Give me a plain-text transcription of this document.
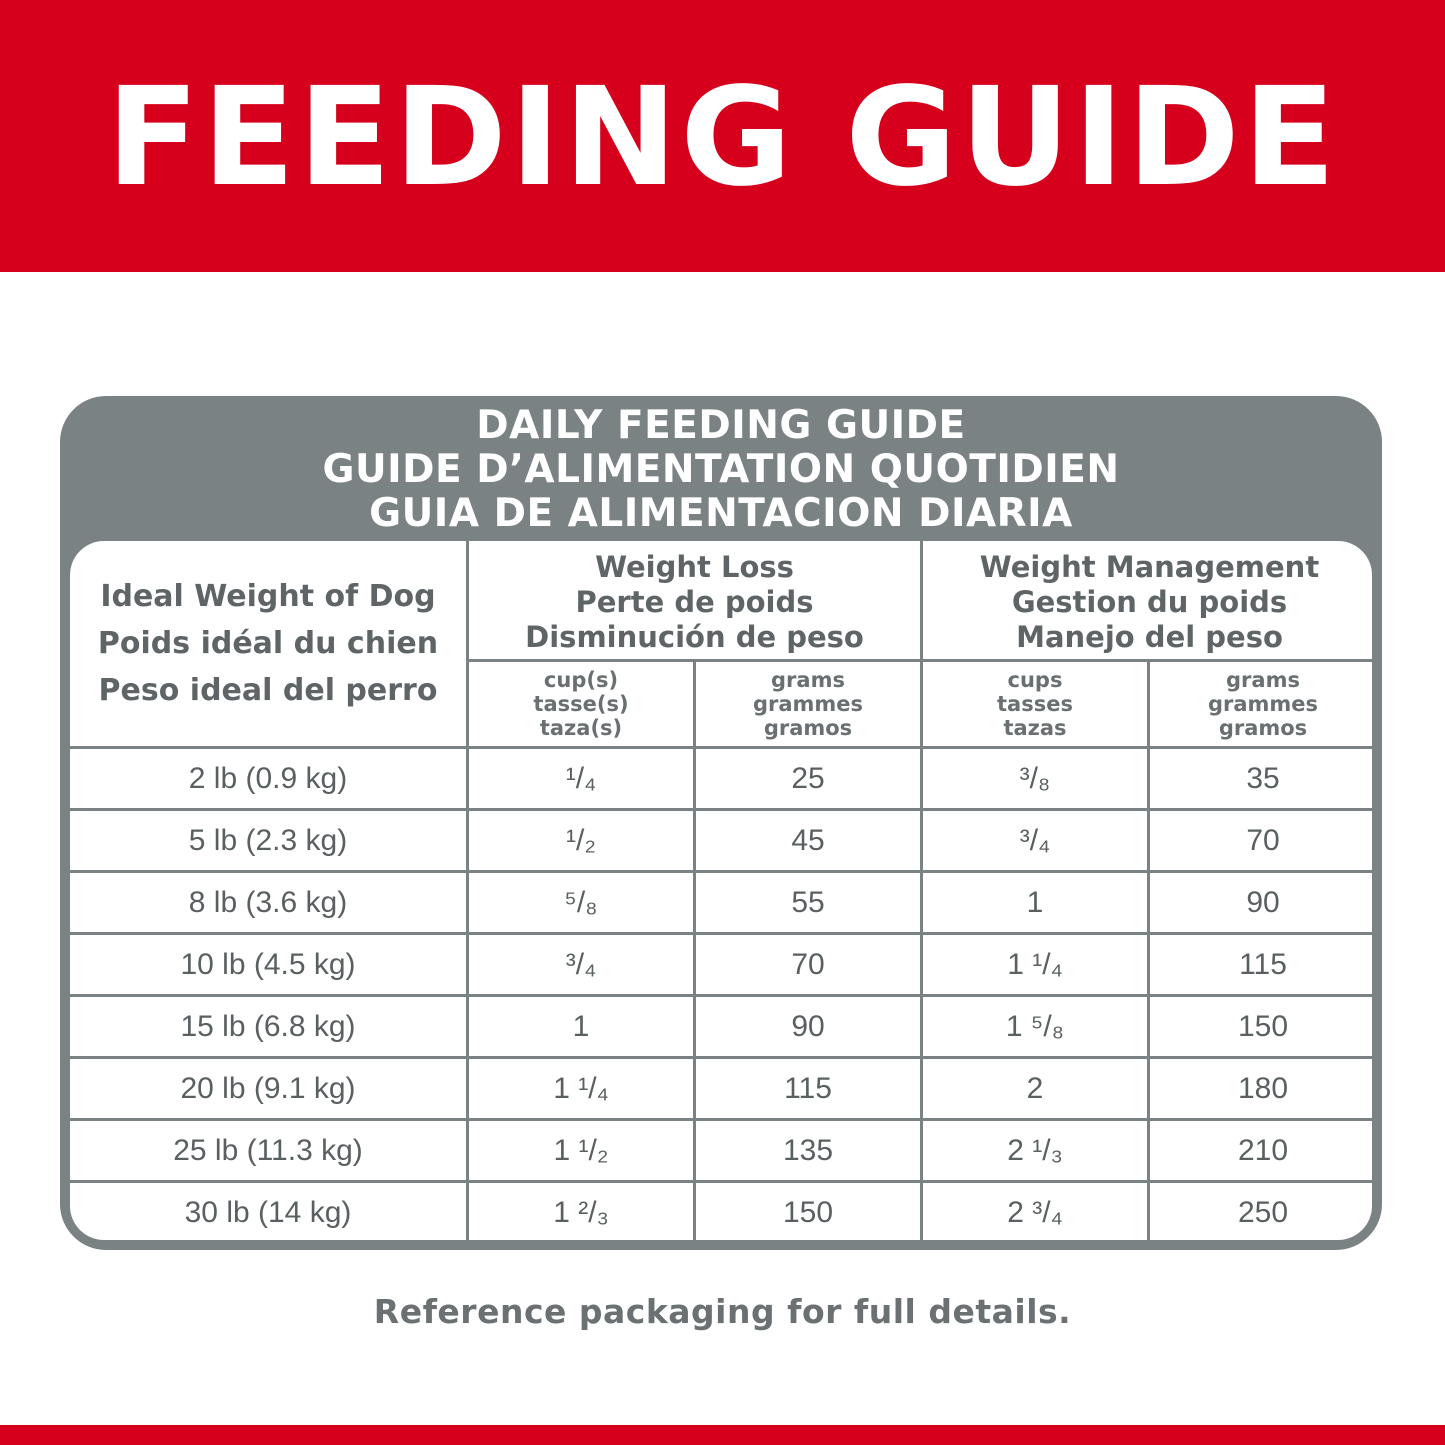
FEEDING GUIDE
DAILY FEEDING GUIDE
GUIDE D’ALIMENTATION QUOTIDIEN
GUIA DE ALIMENTACION DIARIA
Ideal Weight of Dog
Poids idéal du chien
Peso ideal del perro
Weight Loss
Perte de poids
Disminución de peso
Weight Management
Gestion du poids
Manejo del peso
cup(s)
tasse(s)
taza(s)
grams
grammes
gramos
cups
tasses
tazas
grams
grammes
gramos
2 lb (0.9 kg)	¹/₄	25	³/₈	35
5 lb (2.3 kg)	¹/₂	45	³/₄	70
8 lb (3.6 kg)	⁵/₈	55	1	90
10 lb (4.5 kg)	³/₄	70	1 ¹/₄	115
15 lb (6.8 kg)	1	90	1 ⁵/₈	150
20 lb (9.1 kg)	1 ¹/₄	115	2	180
25 lb (11.3 kg)	1 ¹/₂	135	2 ¹/₃	210
30 lb (14 kg)	1 ²/₃	150	2 ³/₄	250
Reference packaging for full details.
